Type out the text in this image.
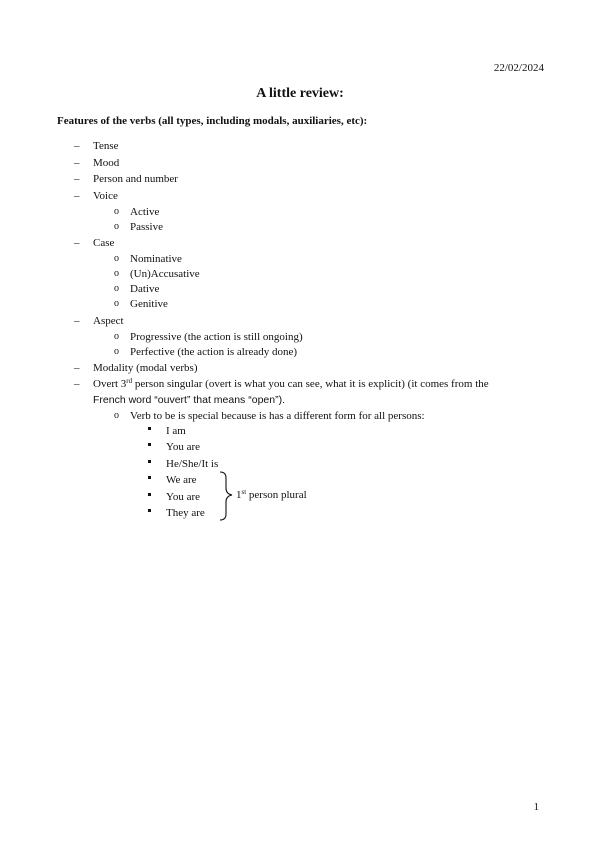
22/02/2024
A little review:
Features of the verbs (all types, including modals, auxiliaries, etc):
– Tense
– Mood
– Person and number
– Voice
o Active
o Passive
– Case
o Nominative
o (Un)Accusative
o Dative
o Genitive
– Aspect
o Progressive (the action is still ongoing)
o Perfective (the action is already done)
– Modality (modal verbs)
– Overt 3rd person singular (overt is what you can see, what it is explicit) (it comes from the
French word “ouvert” that means “open”).
o Verb to be is special because is has a different form for all persons:
I am
You are
He/She/It is
We are
You are
They are
1st person plural
1
